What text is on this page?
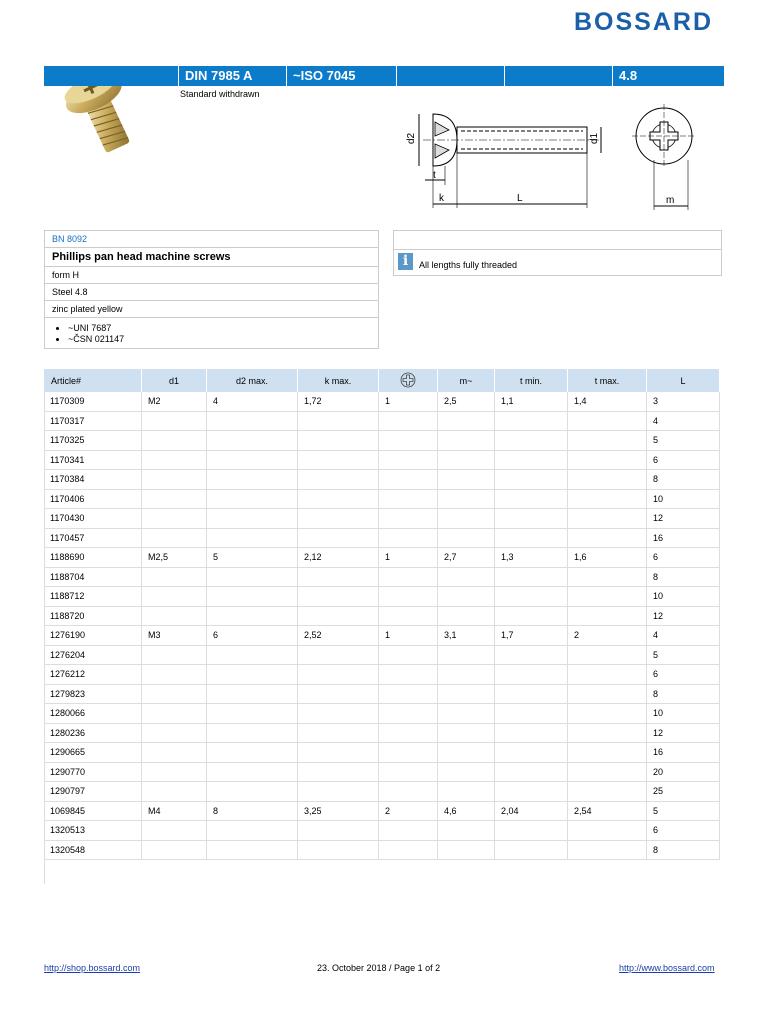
BOSSARD
DIN 7985 A	~ISO 7045	4.8
Standard withdrawn
d2	d1
t
k	L	m
BN 8092
Phillips pan head machine screws
form H
Steel 4.8
zinc plated yellow
• ~UNI 7687
• ~ČSN 021147
i	All lengths fully threaded
Article#	d1	d2 max.	k max.		m~	t min.	t max.	L
1170309	M2	4	1,72	1	2,5	1,1	1,4	3
1170317								4
1170325								5
1170341								6
1170384								8
1170406								10
1170430								12
1170457								16
1188690	M2,5	5	2,12	1	2,7	1,3	1,6	6
1188704								8
1188712								10
1188720								12
1276190	M3	6	2,52	1	3,1	1,7	2	4
1276204								5
1276212								6
1279823								8
1280066								10
1280236								12
1290665								16
1290770								20
1290797								25
1069845	M4	8	3,25	2	4,6	2,04	2,54	5
1320513								6
1320548								8
http://shop.bossard.com	23. October 2018 / Page 1 of 2	http://www.bossard.com
